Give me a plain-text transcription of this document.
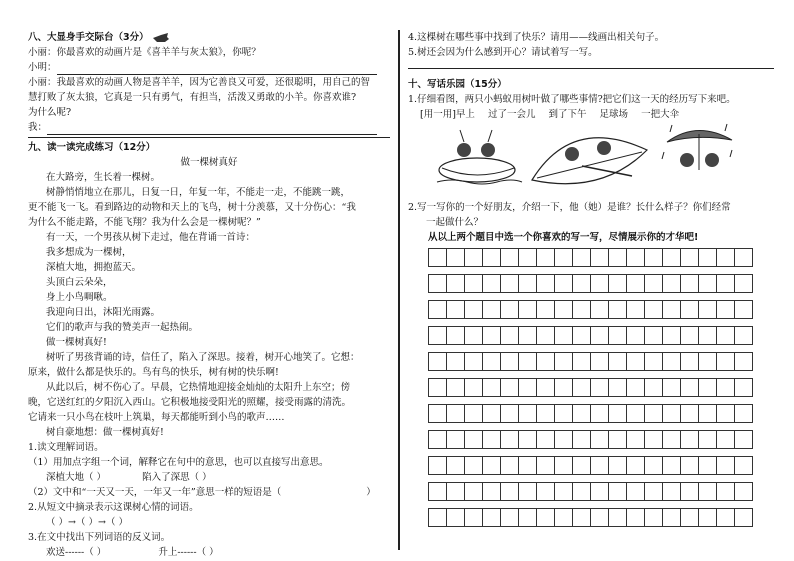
八、大显身手交际台（3分）
小丽：你最喜欢的动画片是《喜羊羊与灰太狼》，你呢？
小明：
小丽：我最喜欢的动画人物是喜羊羊，因为它善良又可爱，还很聪明，用自己的智
慧打败了灰太狼，它真是一只有勇气，有担当，活泼又勇敢的小羊。你喜欢谁?
为什么呢?
我：
九、读一读完成练习（12分）
做一棵树真好
在大路旁，生长着一棵树。
树静悄悄地立在那儿，日复一日，年复一年，不能走一走，不能跳一跳，
更不能飞一飞。看到路边的动物和天上的飞鸟，树十分羡慕，又十分伤心：“我
为什么不能走路，不能飞翔？我为什么会是一棵树呢？”
有一天，一个男孩从树下走过，他在背诵一首诗：
我多想成为一棵树，
深植大地，拥抱蓝天。
头顶白云朵朵，
身上小鸟啁啾。
我迎向日出，沐阳光雨露。
它们的歌声与我的赞美声一起热闹。
做一棵树真好!
树听了男孩背诵的诗，信任了，陷入了深思。接着，树开心地笑了。它想：
原来，做什么都是快乐的。鸟有鸟的快乐，树有树的快乐啊!
从此以后，树不伤心了。早晨，它热情地迎接金灿灿的太阳升上东空；傍
晚，它送红红的夕阳沉入西山。它积极地接受阳光的照耀，接受雨露的清洗。
它请来一只小鸟在枝叶上筑巢，每天都能听到小鸟的歌声……
树自豪地想：做一棵树真好!
1.读文理解词语。
（1）用加点字组一个词，解释它在句中的意思，也可以直接写出意思。
深植大地（ ）	陷入了深思（ ）
（2）文中和“一天又一天，一年又一年”意思一样的短语是（	）
2.从短文中摘录表示这课树心情的词语。
（ ）→（ ）→（ ）
3.在文中找出下列词语的反义词。
欢送------（ ）	升上------（ ）
4.这棵树在哪些事中找到了快乐？请用——线画出相关句子。
5.树还会因为什么感到开心？请试着写一写。
十、写话乐园（15分）
1.仔细看图，两只小蚂蚁用树叶做了哪些事情?把它们这一天的经历写下来吧。
[用一用]早上 过了一会儿 到了下午 足球场 一把大伞
2.写一写你的一个好朋友，介绍一下，他（她）是谁？长什么样子？你们经常
一起做什么？
从以上两个题目中选一个你喜欢的写一写，尽情展示你的才华吧!
